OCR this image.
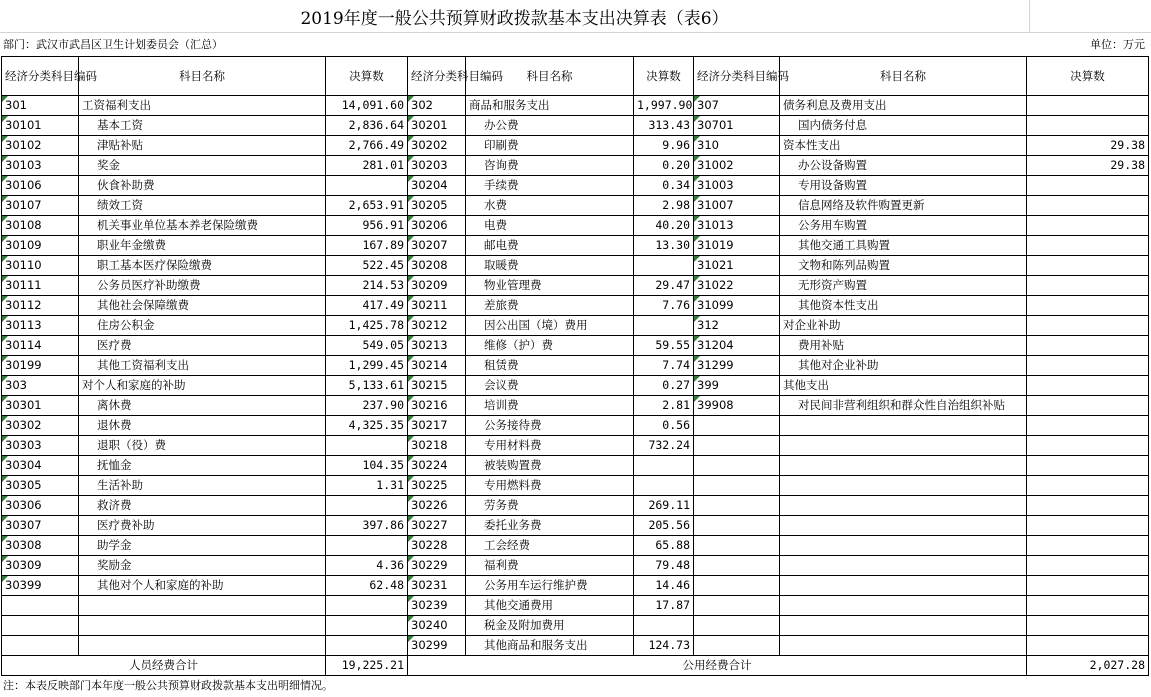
2019年度一般公共预算财政拨款基本支出决算表（表6）
部门：武汉市武昌区卫生计划委员会（汇总）	单位：万元
经济分类科目编码	科目名称	决算数	经济分类科目编码	科目名称	决算数	经济分类科目编码	科目名称	决算数
301	工资福利支出	14,091.60	302	商品和服务支出	1,997.90	307	债务利息及费用支出	
30101	基本工资	2,836.64	30201	办公费	313.43	30701	国内债务付息	
30102	津贴补贴	2,766.49	30202	印刷费	9.96	310	资本性支出	29.38
30103	奖金	281.01	30203	咨询费	0.20	31002	办公设备购置	29.38
30106	伙食补助费		30204	手续费	0.34	31003	专用设备购置	
30107	绩效工资	2,653.91	30205	水费	2.98	31007	信息网络及软件购置更新	
30108	机关事业单位基本养老保险缴费	956.91	30206	电费	40.20	31013	公务用车购置	
30109	职业年金缴费	167.89	30207	邮电费	13.30	31019	其他交通工具购置	
30110	职工基本医疗保险缴费	522.45	30208	取暖费		31021	文物和陈列品购置	
30111	公务员医疗补助缴费	214.53	30209	物业管理费	29.47	31022	无形资产购置	
30112	其他社会保障缴费	417.49	30211	差旅费	7.76	31099	其他资本性支出	
30113	住房公积金	1,425.78	30212	因公出国（境）费用		312	对企业补助	
30114	医疗费	549.05	30213	维修（护）费	59.55	31204	费用补贴	
30199	其他工资福利支出	1,299.45	30214	租赁费	7.74	31299	其他对企业补助	
303	对个人和家庭的补助	5,133.61	30215	会议费	0.27	399	其他支出	
30301	离休费	237.90	30216	培训费	2.81	39908	对民间非营利组织和群众性自治组织补贴	
30302	退休费	4,325.35	30217	公务接待费	0.56			
30303	退职（役）费		30218	专用材料费	732.24			
30304	抚恤金	104.35	30224	被装购置费				
30305	生活补助	1.31	30225	专用燃料费				
30306	救济费		30226	劳务费	269.11			
30307	医疗费补助	397.86	30227	委托业务费	205.56			
30308	助学金		30228	工会经费	65.88			
30309	奖励金	4.36	30229	福利费	79.48			
30399	其他对个人和家庭的补助	62.48	30231	公务用车运行维护费	14.46			
			30239	其他交通费用	17.87			
			30240	税金及附加费用				
			30299	其他商品和服务支出	124.73			
人员经费合计		19,225.21	公用经费合计					2,027.28
注：本表反映部门本年度一般公共预算财政拨款基本支出明细情况。
